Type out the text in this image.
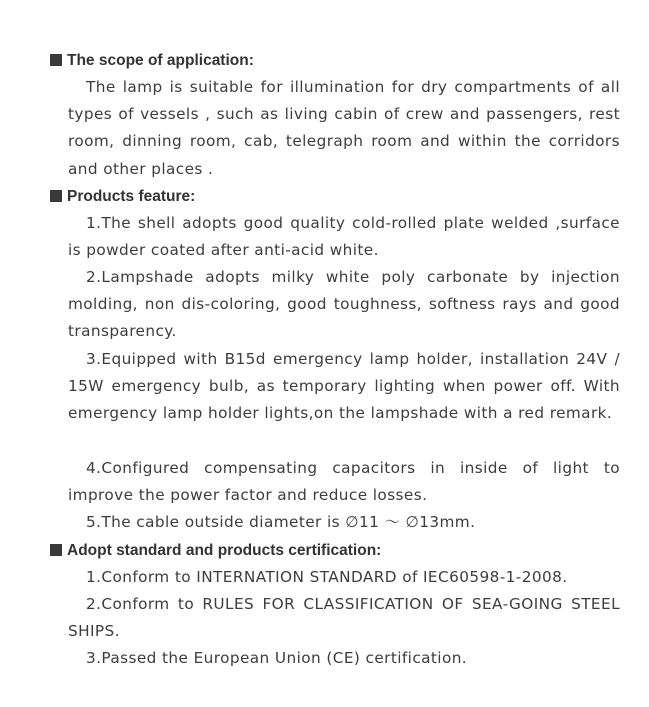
The scope of application:

The lamp is suitable for illumination for dry compartments of all types of vessels , such as living cabin of crew and passengers, rest room, dinning room, cab, telegraph room and within the corridors and other places .

Products feature:

1.The shell adopts good quality cold-rolled plate welded ,surface is powder coated after anti-acid white.

2.Lampshade adopts milky white poly carbonate by injection molding, non dis-coloring, good toughness, softness rays and good transparency.

3.Equipped with B15d emergency lamp holder, installation 24V / 15W emergency bulb, as temporary lighting when power off. With emergency lamp holder lights,on the lampshade with a red remark.

4.Configured compensating capacitors in inside of light to improve the power factor and reduce losses.

5.The cable outside diameter is ∅11 ～ ∅13mm.

Adopt standard and products certification:

1.Conform to INTERNATION STANDARD of IEC60598-1-2008.

2.Conform to RULES FOR CLASSIFICATION OF SEA-GOING STEEL SHIPS.

3.Passed the European Union (CE) certification.
